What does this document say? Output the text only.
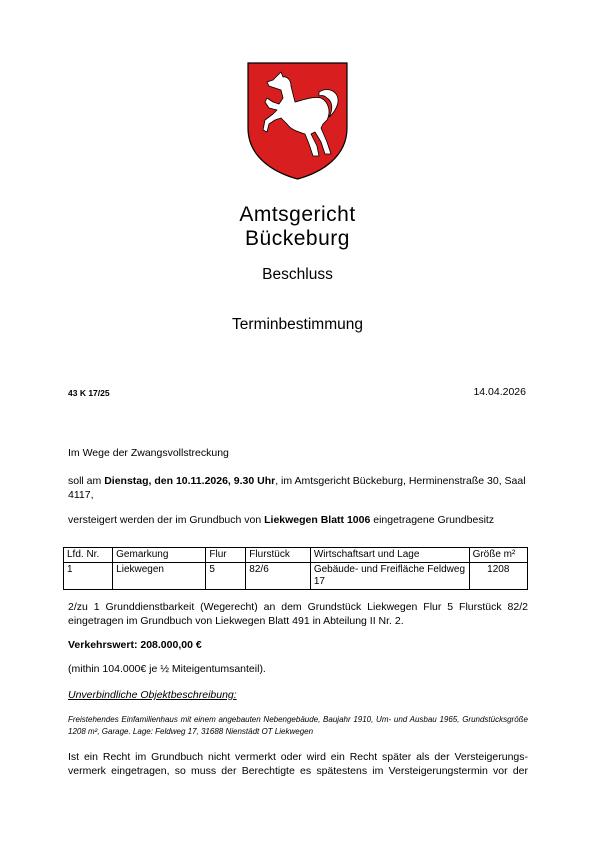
Amtsgericht
Bückeburg
Beschluss
Terminbestimmung
43 K 17/25	14.04.2026
Im Wege der Zwangsvollstreckung
soll am Dienstag, den 10.11.2026, 9.30 Uhr, im Amtsgericht Bückeburg, Herminenstraße 30, Saal 4117,
versteigert werden der im Grundbuch von Liekwegen Blatt 1006 eingetragene Grundbesitz
Lfd. Nr.	Gemarkung	Flur	Flurstück	Wirtschaftsart und Lage	Größe m²
1	Liekwegen	5	82/6	Gebäude- und Freifläche Feldweg 17	1208
2/zu 1 Grunddienstbarkeit (Wegerecht) an dem Grundstück Liekwegen Flur 5 Flurstück 82/2 eingetragen im Grundbuch von Liekwegen Blatt 491 in Abteilung II Nr. 2.
Verkehrswert: 208.000,00 €
(mithin 104.000€ je ½ Miteigentumsanteil).
Unverbindliche Objektbeschreibung:
Freistehendes Einfamilienhaus mit einem angebauten Nebengebäude, Baujahr 1910, Um- und Ausbau 1965, Grundstücksgröße 1208 m², Garage. Lage: Feldweg 17, 31688 Nienstädt OT Liekwegen
Ist ein Recht im Grundbuch nicht vermerkt oder wird ein Recht später als der Versteigerungs-vermerk eingetragen, so muss der Berechtigte es spätestens im Versteigerungstermin vor der
